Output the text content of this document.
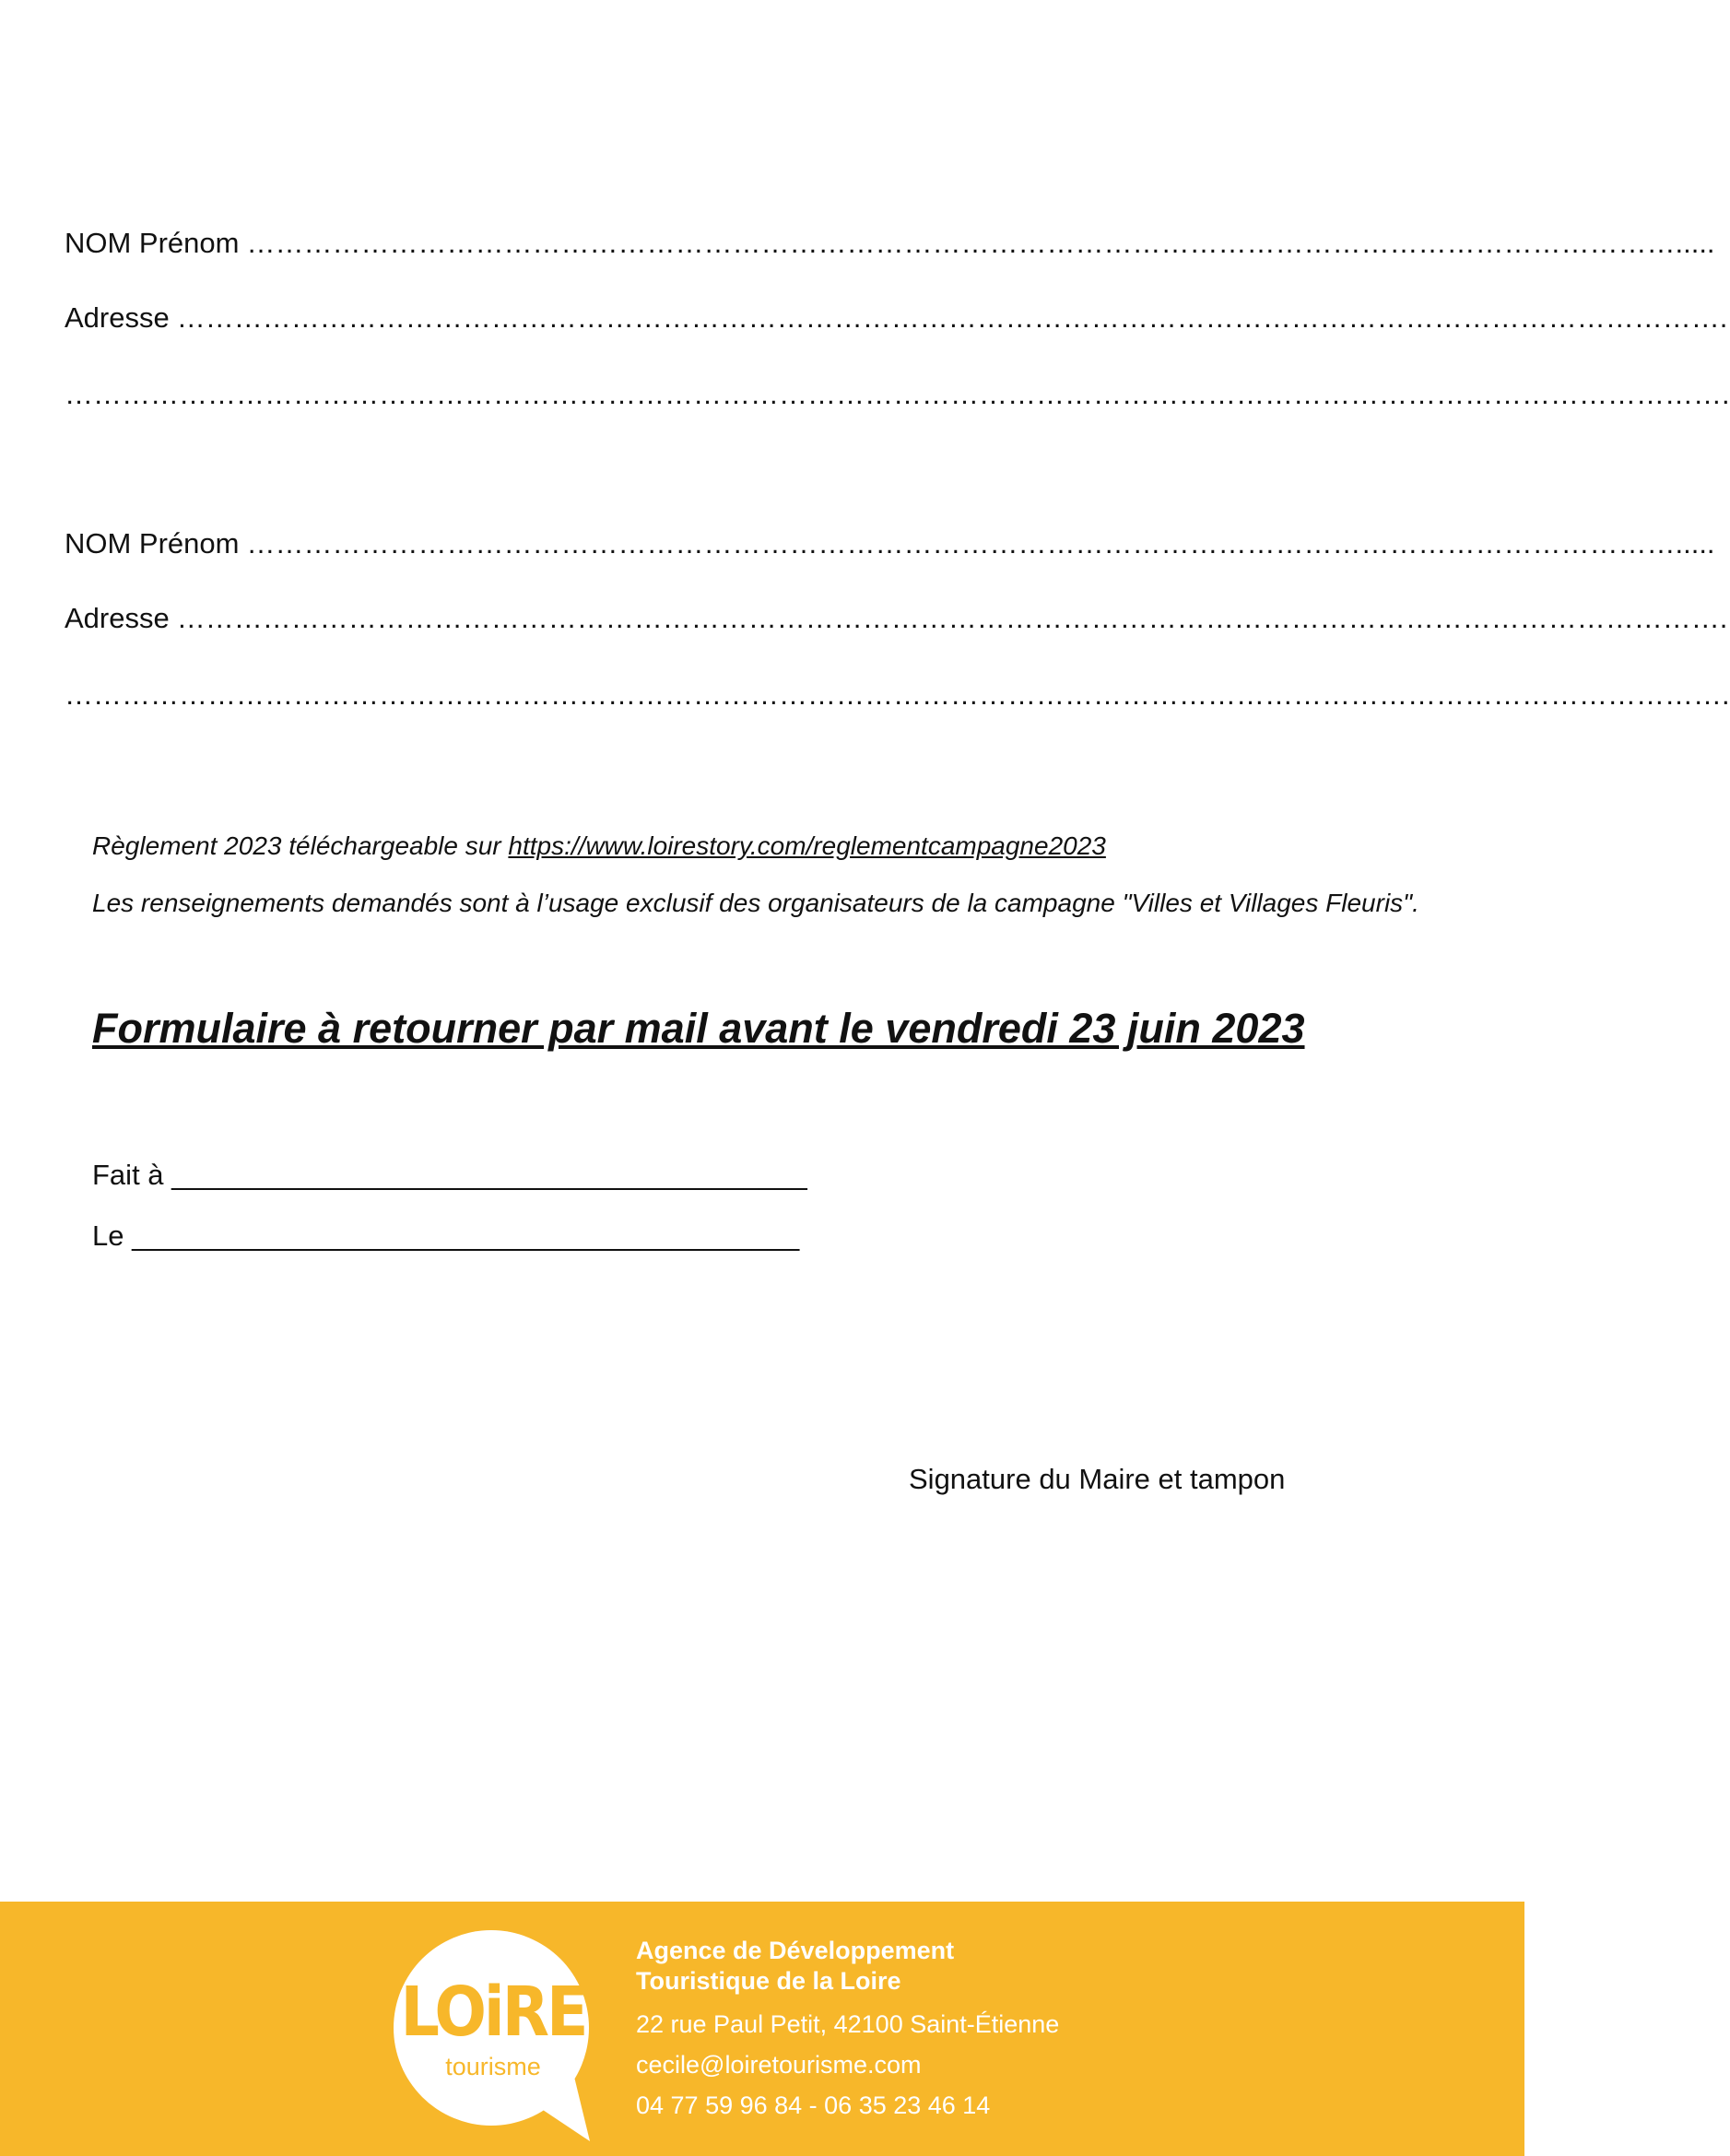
NOM Prénom …………………………………………………………………………………………………………………………………….....
Adresse ……………………………………………………………………………………………………………………………………………….
………………………………………………………………………………………………………………………………………………………….
NOM Prénom …………………………………………………………………………………………………………………………………….....
Adresse ……………………………………………………………………………………………………………………………………………….
………………………………………………………………………………………………………………………………………………………….
Règlement 2023 téléchargeable sur https://www.loirestory.com/reglementcampagne2023
Les renseignements demandés sont à l’usage exclusif des organisateurs de la campagne "Villes et Villages Fleuris".
Formulaire à retourner par mail avant le vendredi 23 juin 2023
Fait à ________________________________________
Le __________________________________________
Signature du Maire et tampon
LOiRE
tourisme
Agence de Développement
Touristique de la Loire
22 rue Paul Petit, 42100 Saint-Étienne
cecile@loiretourisme.com
04 77 59 96 84 - 06 35 23 46 14
